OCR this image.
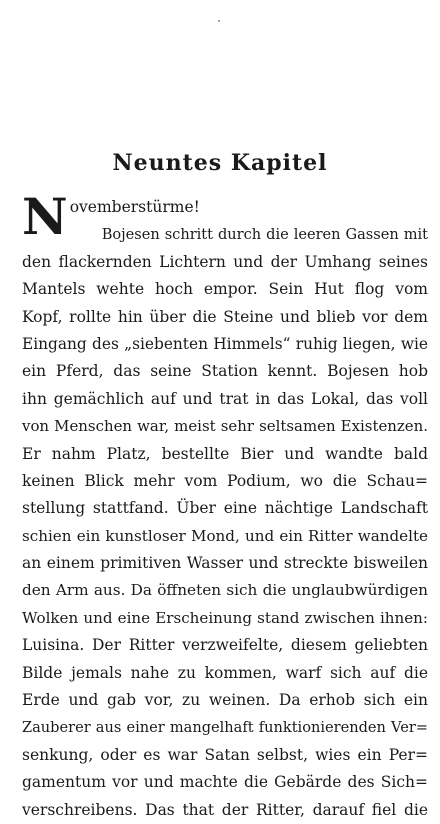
Neuntes Kapitel
N ovemberstürme!
Bojesen schritt durch die leeren Gassen mit
den flackernden Lichtern und der Umhang seines
Mantels wehte hoch empor. Sein Hut flog vom
Kopf, rollte hin über die Steine und blieb vor dem
Eingang des „siebenten Himmels“ ruhig liegen, wie
ein Pferd, das seine Station kennt. Bojesen hob
ihn gemächlich auf und trat in das Lokal, das voll
von Menschen war, meist sehr seltsamen Existenzen.
Er nahm Platz, bestellte Bier und wandte bald
keinen Blick mehr vom Podium, wo die Schau=
stellung stattfand. Über eine nächtige Landschaft
schien ein kunstloser Mond, und ein Ritter wandelte
an einem primitiven Wasser und streckte bisweilen
den Arm aus. Da öffneten sich die unglaubwürdigen
Wolken und eine Erscheinung stand zwischen ihnen:
Luisina. Der Ritter verzweifelte, diesem geliebten
Bilde jemals nahe zu kommen, warf sich auf die
Erde und gab vor, zu weinen. Da erhob sich ein
Zauberer aus einer mangelhaft funktionierenden Ver=
senkung, oder es war Satan selbst, wies ein Per=
gamentum vor und machte die Gebärde des Sich=
verschreibens. Das that der Ritter, darauf fiel die
